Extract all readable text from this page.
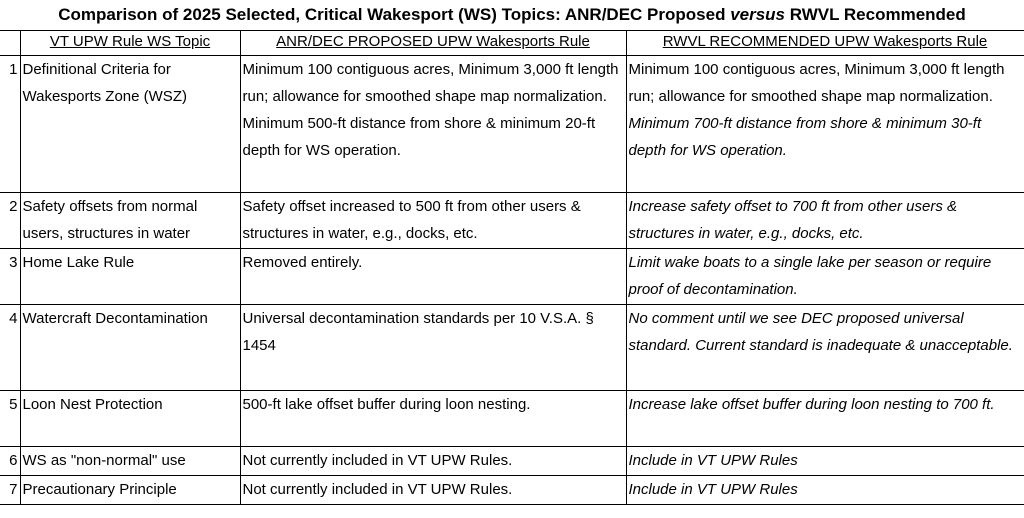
Comparison of 2025 Selected, Critical Wakesport (WS) Topics: ANR/DEC Proposed versus RWVL Recommended
	VT UPW Rule WS Topic	ANR/DEC PROPOSED UPW Wakesports Rule	RWVL RECOMMENDED UPW Wakesports Rule
1	Definitional Criteria for Wakesports Zone (WSZ)	Minimum 100 contiguous acres, Minimum 3,000 ft length run; allowance for smoothed shape map normalization. Minimum 500-ft distance from shore & minimum 20-ft depth for WS operation.	Minimum 100 contiguous acres, Minimum 3,000 ft length run; allowance for smoothed shape map normalization. Minimum 700-ft distance from shore & minimum 30-ft depth for WS operation.
2	Safety offsets from normal users, structures in water	Safety offset increased to 500 ft from other users & structures in water, e.g., docks, etc.	Increase safety offset to 700 ft from other users & structures in water, e.g., docks, etc.
3	Home Lake Rule	Removed entirely.	Limit wake boats to a single lake per season or require proof of decontamination.
4	Watercraft Decontamination	Universal decontamination standards per 10 V.S.A. § 1454	No comment until we see DEC proposed universal standard. Current standard is inadequate & unacceptable.
5	Loon Nest Protection	500-ft lake offset buffer during loon nesting.	Increase lake offset buffer during loon nesting to 700 ft.
6	WS as "non-normal" use	Not currently included in VT UPW Rules.	Include in VT UPW Rules
7	Precautionary Principle	Not currently included in VT UPW Rules.	Include in VT UPW Rules
